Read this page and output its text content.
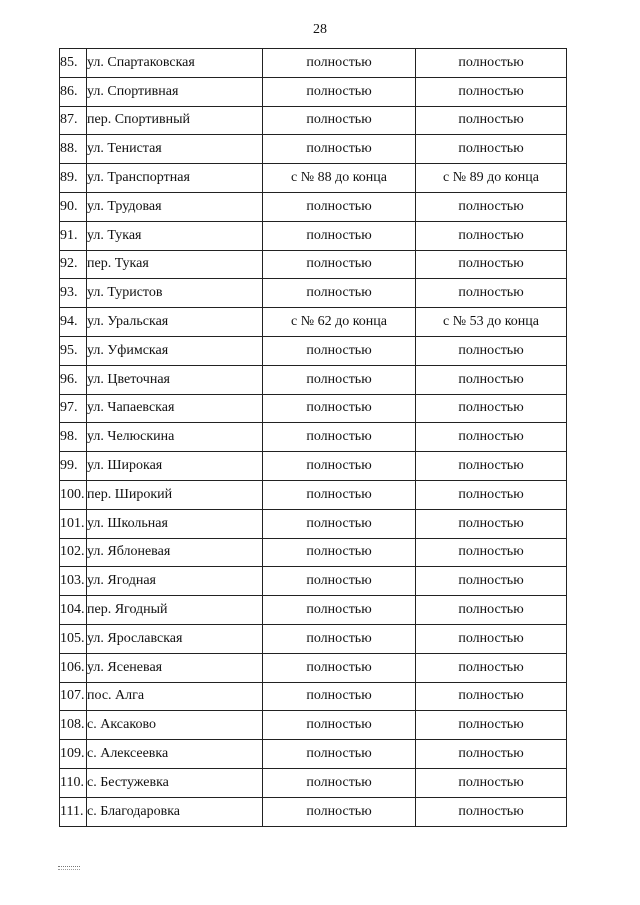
28
85.	ул. Спартаковская	полностью	полностью
86.	ул. Спортивная	полностью	полностью
87.	пер. Спортивный	полностью	полностью
88.	ул. Тенистая	полностью	полностью
89.	ул. Транспортная	с № 88 до конца	с № 89 до конца
90.	ул. Трудовая	полностью	полностью
91.	ул. Тукая	полностью	полностью
92.	пер. Тукая	полностью	полностью
93.	ул. Туристов	полностью	полностью
94.	ул. Уральская	с № 62 до конца	с № 53 до конца
95.	ул. Уфимская	полностью	полностью
96.	ул. Цветочная	полностью	полностью
97.	ул. Чапаевская	полностью	полностью
98.	ул. Челюскина	полностью	полностью
99.	ул. Широкая	полностью	полностью
100.	пер. Широкий	полностью	полностью
101.	ул. Школьная	полностью	полностью
102.	ул. Яблоневая	полностью	полностью
103.	ул. Ягодная	полностью	полностью
104.	пер. Ягодный	полностью	полностью
105.	ул. Ярославская	полностью	полностью
106.	ул. Ясеневая	полностью	полностью
107.	пос. Алга	полностью	полностью
108.	с. Аксаково	полностью	полностью
109.	с. Алексеевка	полностью	полностью
110.	с. Бестужевка	полностью	полностью
111.	с. Благодаровка	полностью	полностью
